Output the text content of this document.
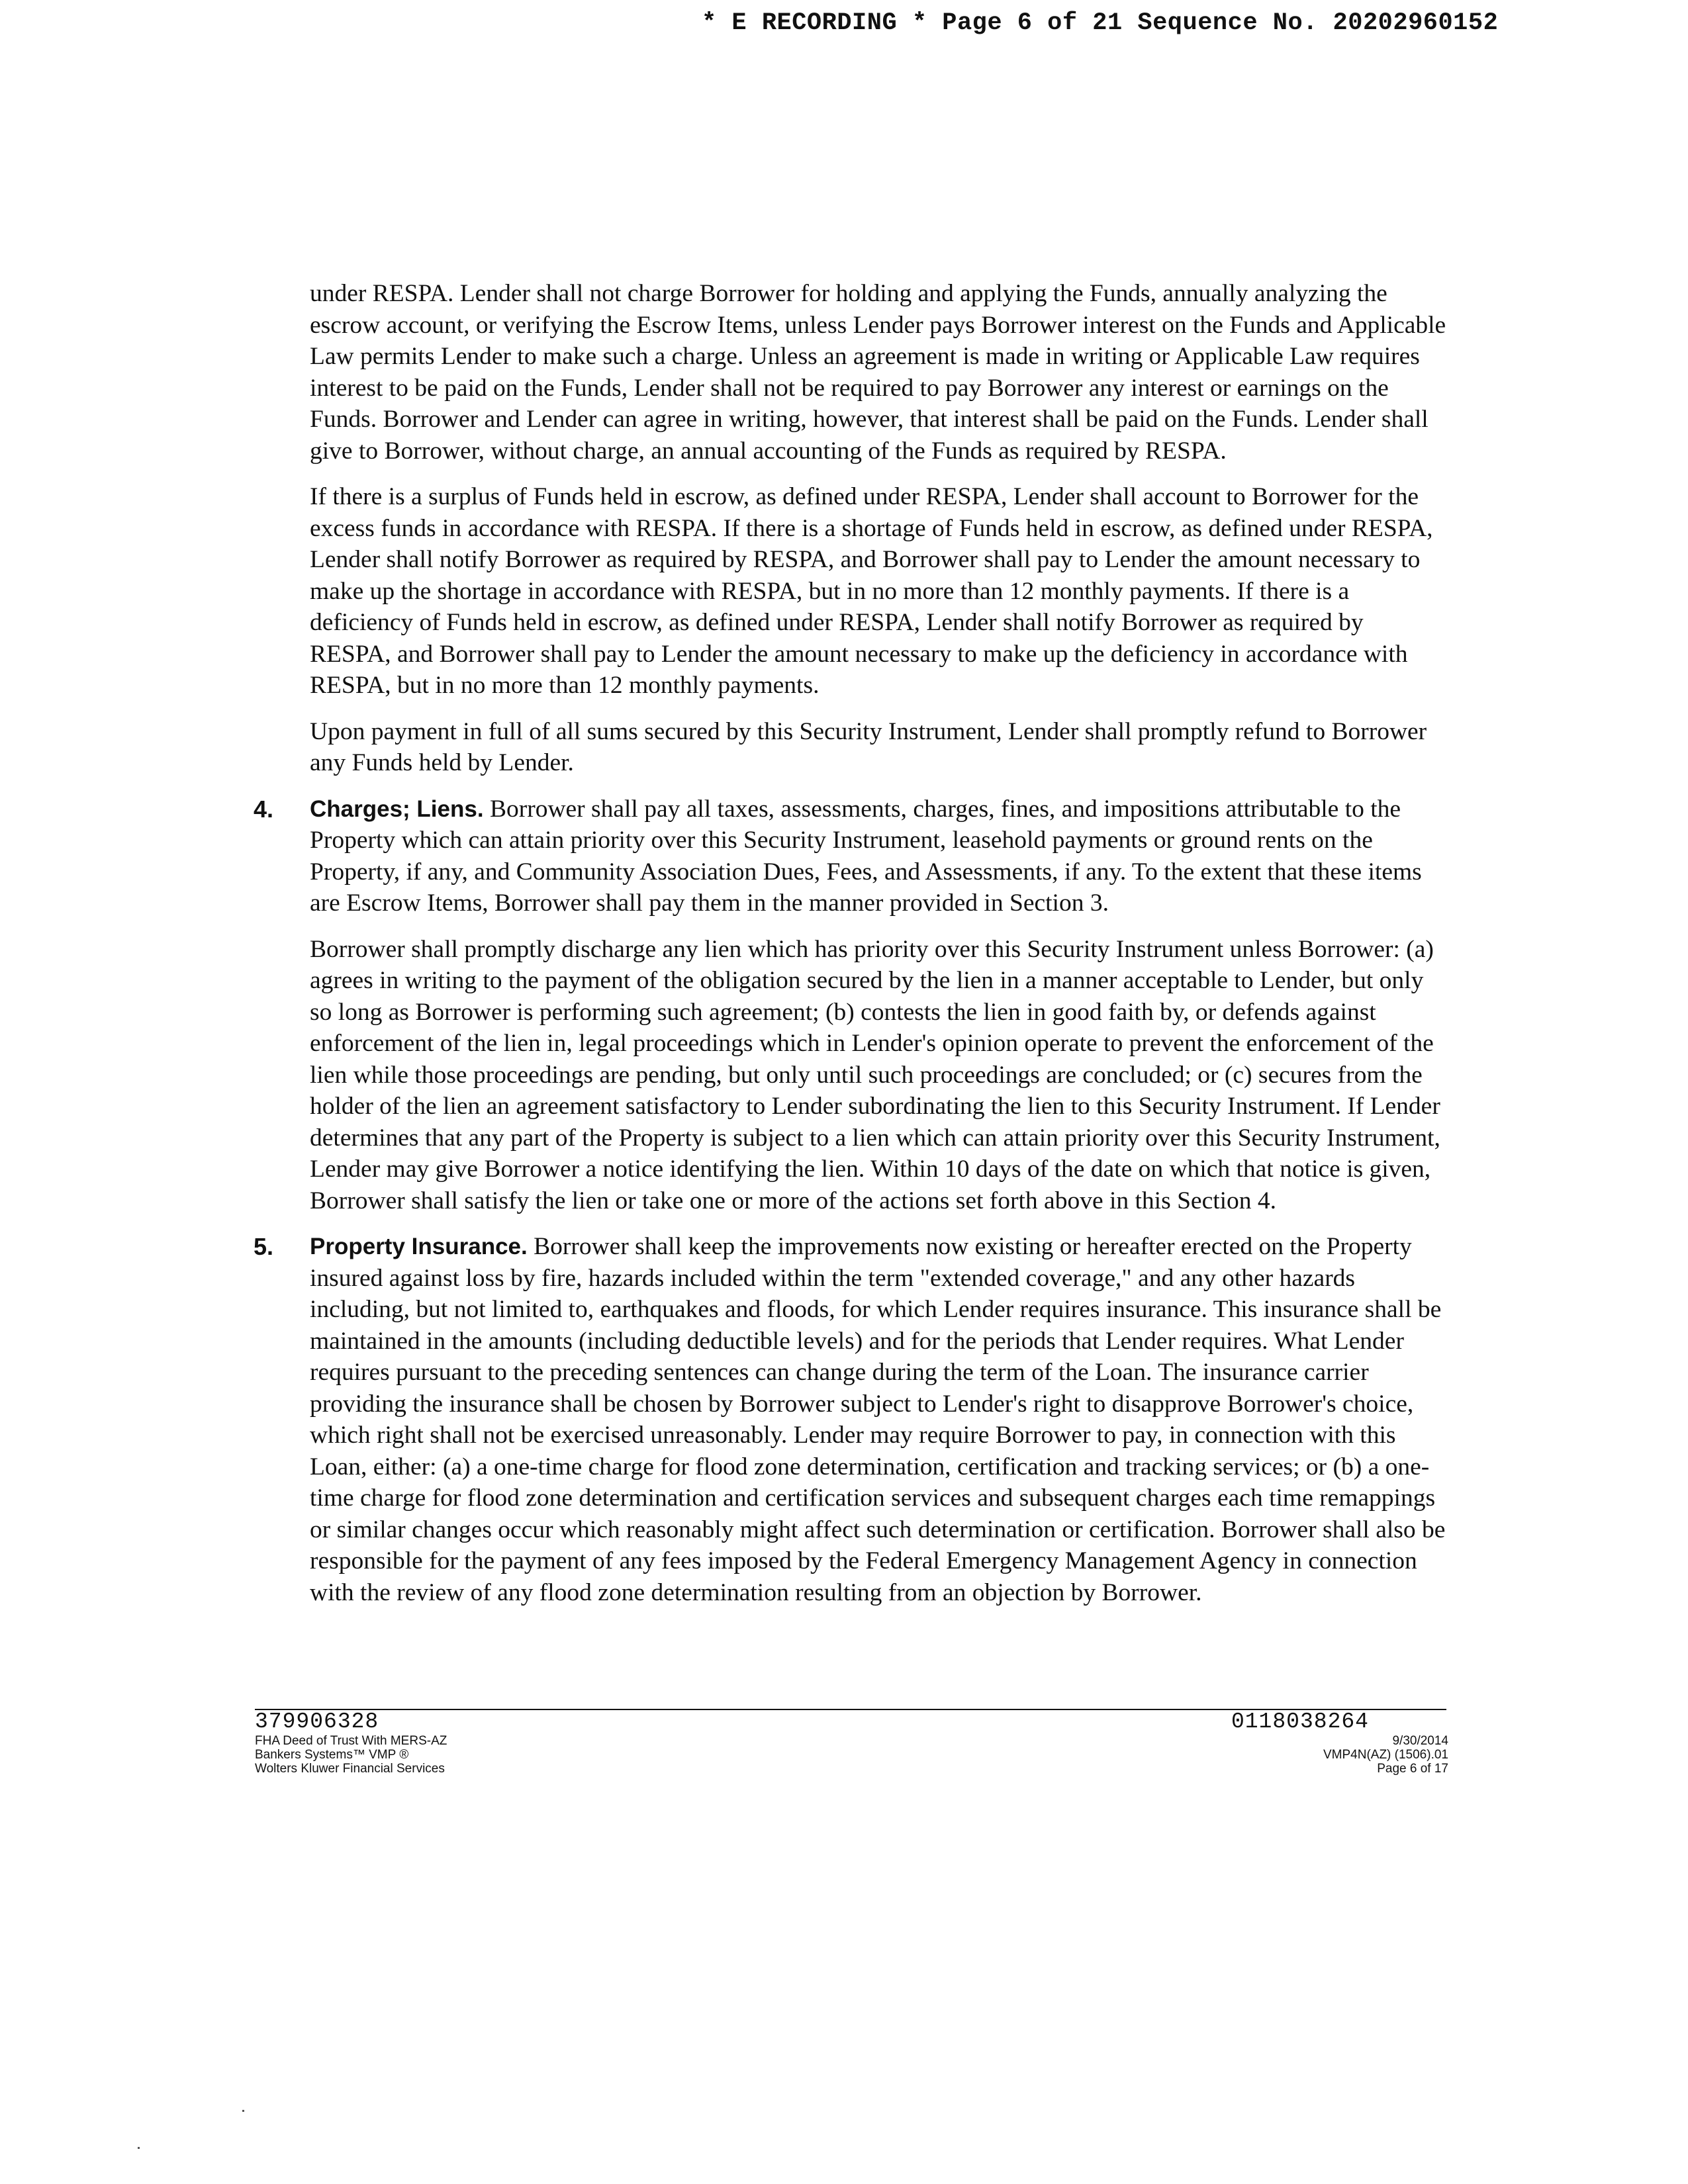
* E RECORDING * Page 6 of 21 Sequence No. 20202960152

under RESPA. Lender shall not charge Borrower for holding and applying the Funds, annually analyzing the escrow account, or verifying the Escrow Items, unless Lender pays Borrower interest on the Funds and Applicable Law permits Lender to make such a charge. Unless an agreement is made in writing or Applicable Law requires interest to be paid on the Funds, Lender shall not be required to pay Borrower any interest or earnings on the Funds. Borrower and Lender can agree in writing, however, that interest shall be paid on the Funds. Lender shall give to Borrower, without charge, an annual accounting of the Funds as required by RESPA.

If there is a surplus of Funds held in escrow, as defined under RESPA, Lender shall account to Borrower for the excess funds in accordance with RESPA. If there is a shortage of Funds held in escrow, as defined under RESPA, Lender shall notify Borrower as required by RESPA, and Borrower shall pay to Lender the amount necessary to make up the shortage in accordance with RESPA, but in no more than 12 monthly payments. If there is a deficiency of Funds held in escrow, as defined under RESPA, Lender shall notify Borrower as required by RESPA, and Borrower shall pay to Lender the amount necessary to make up the deficiency in accordance with RESPA, but in no more than 12 monthly payments.

Upon payment in full of all sums secured by this Security Instrument, Lender shall promptly refund to Borrower any Funds held by Lender.

4. Charges; Liens. Borrower shall pay all taxes, assessments, charges, fines, and impositions attributable to the Property which can attain priority over this Security Instrument, leasehold payments or ground rents on the Property, if any, and Community Association Dues, Fees, and Assessments, if any. To the extent that these items are Escrow Items, Borrower shall pay them in the manner provided in Section 3.

Borrower shall promptly discharge any lien which has priority over this Security Instrument unless Borrower: (a) agrees in writing to the payment of the obligation secured by the lien in a manner acceptable to Lender, but only so long as Borrower is performing such agreement; (b) contests the lien in good faith by, or defends against enforcement of the lien in, legal proceedings which in Lender's opinion operate to prevent the enforcement of the lien while those proceedings are pending, but only until such proceedings are concluded; or (c) secures from the holder of the lien an agreement satisfactory to Lender subordinating the lien to this Security Instrument. If Lender determines that any part of the Property is subject to a lien which can attain priority over this Security Instrument, Lender may give Borrower a notice identifying the lien. Within 10 days of the date on which that notice is given, Borrower shall satisfy the lien or take one or more of the actions set forth above in this Section 4.

5. Property Insurance. Borrower shall keep the improvements now existing or hereafter erected on the Property insured against loss by fire, hazards included within the term "extended coverage," and any other hazards including, but not limited to, earthquakes and floods, for which Lender requires insurance. This insurance shall be maintained in the amounts (including deductible levels) and for the periods that Lender requires. What Lender requires pursuant to the preceding sentences can change during the term of the Loan. The insurance carrier providing the insurance shall be chosen by Borrower subject to Lender's right to disapprove Borrower's choice, which right shall not be exercised unreasonably. Lender may require Borrower to pay, in connection with this Loan, either: (a) a one-time charge for flood zone determination, certification and tracking services; or (b) a one-time charge for flood zone determination and certification services and subsequent charges each time remappings or similar changes occur which reasonably might affect such determination or certification. Borrower shall also be responsible for the payment of any fees imposed by the Federal Emergency Management Agency in connection with the review of any flood zone determination resulting from an objection by Borrower.

379906328
FHA Deed of Trust With MERS-AZ
Bankers Systems™ VMP ®
Wolters Kluwer Financial Services
0118038264
9/30/2014
VMP4N(AZ) (1506).01
Page 6 of 17
